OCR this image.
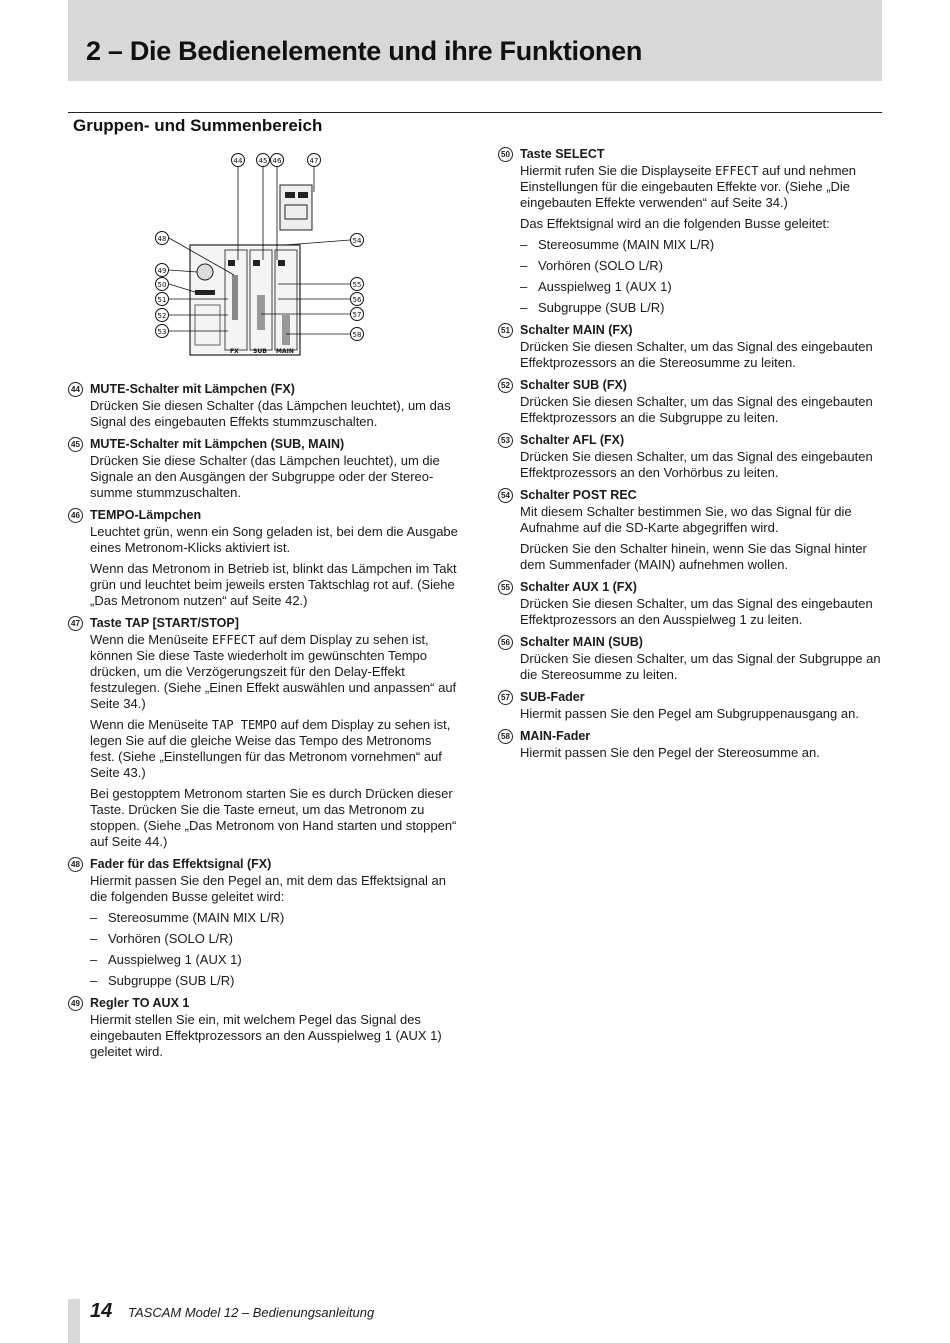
2 – Die Bedienelemente und ihre Funktionen
Gruppen- und Summenbereich
44 45 46	47
48
49
50
51
52
53
54
55
56
57
58
FX SUB MAIN
44 MUTE-Schalter mit Lämpchen (FX)

Drücken Sie diesen Schalter (das Lämpchen leuchtet), um das Signal des eingebauten Effekts stummzuschalten.

45 MUTE-Schalter mit Lämpchen (SUB, MAIN)

Drücken Sie diese Schalter (das Lämpchen leuchtet), um die Signale an den Ausgängen der Subgruppe oder der Stereosumme stummzuschalten.

46 TEMPO-Lämpchen

Leuchtet grün, wenn ein Song geladen ist, bei dem die Ausgabe eines Metronom-Klicks aktiviert ist.

Wenn das Metronom in Betrieb ist, blinkt das Lämpchen im Takt grün und leuchtet beim jeweils ersten Taktschlag rot auf. (Siehe „Das Metronom nutzen“ auf Seite 42.)

47 Taste TAP [START/STOP]

Wenn die Menüseite EFFECT auf dem Display zu sehen ist, können Sie diese Taste wiederholt im gewünschten Tempo drücken, um die Verzögerungszeit für den Delay-Effekt festzulegen. (Siehe „Einen Effekt auswählen und anpassen“ auf Seite 34.)

Wenn die Menüseite TAP TEMPO auf dem Display zu sehen ist, legen Sie auf die gleiche Weise das Tempo des Metronoms fest. (Siehe „Einstellungen für das Metronom vornehmen“ auf Seite 43.)

Bei gestopptem Metronom starten Sie es durch Drücken dieser Taste. Drücken Sie die Taste erneut, um das Metronom zu stoppen. (Siehe „Das Metronom von Hand starten und stoppen“ auf Seite 44.)

48 Fader für das Effektsignal (FX)

Hiermit passen Sie den Pegel an, mit dem das Effektsignal an die folgenden Busse geleitet wird:

– Stereosumme (MAIN MIX L/R)
– Vorhören (SOLO L/R)
– Ausspielweg 1 (AUX 1)
– Subgruppe (SUB L/R)
49 Regler TO AUX 1

Hiermit stellen Sie ein, mit welchem Pegel das Signal des eingebauten Effektprozessors an den Ausspielweg 1 (AUX 1) geleitet wird.

50 Taste SELECT

Hiermit rufen Sie die Displayseite EFFECT auf und nehmen Einstellungen für die eingebauten Effekte vor. (Siehe „Die eingebauten Effekte verwenden“ auf Seite 34.)

Das Effektsignal wird an die folgenden Busse geleitet:

– Stereosumme (MAIN MIX L/R)
– Vorhören (SOLO L/R)
– Ausspielweg 1 (AUX 1)
– Subgruppe (SUB L/R)
51 Schalter MAIN (FX)

Drücken Sie diesen Schalter, um das Signal des eingebauten Effektprozessors an die Stereosumme zu leiten.

52 Schalter SUB (FX)

Drücken Sie diesen Schalter, um das Signal des eingebauten Effektprozessors an die Subgruppe zu leiten.

53 Schalter AFL (FX)

Drücken Sie diesen Schalter, um das Signal des eingebauten Effektprozessors an den Vorhörbus zu leiten.

54 Schalter POST REC

Mit diesem Schalter bestimmen Sie, wo das Signal für die Aufnahme auf die SD-Karte abgegriffen wird.

Drücken Sie den Schalter hinein, wenn Sie das Signal hinter dem Summenfader (MAIN) aufnehmen wollen.

55 Schalter AUX 1 (FX)

Drücken Sie diesen Schalter, um das Signal des eingebauten Effektprozessors an den Ausspielweg 1 zu leiten.

56 Schalter MAIN (SUB)

Drücken Sie diesen Schalter, um das Signal der Subgruppe an die Stereosumme zu leiten.

57 SUB-Fader

Hiermit passen Sie den Pegel am Subgruppenausgang an.

58 MAIN-Fader

Hiermit passen Sie den Pegel der Stereosumme an.

14 TASCAM Model 12 – Bedienungsanleitung
